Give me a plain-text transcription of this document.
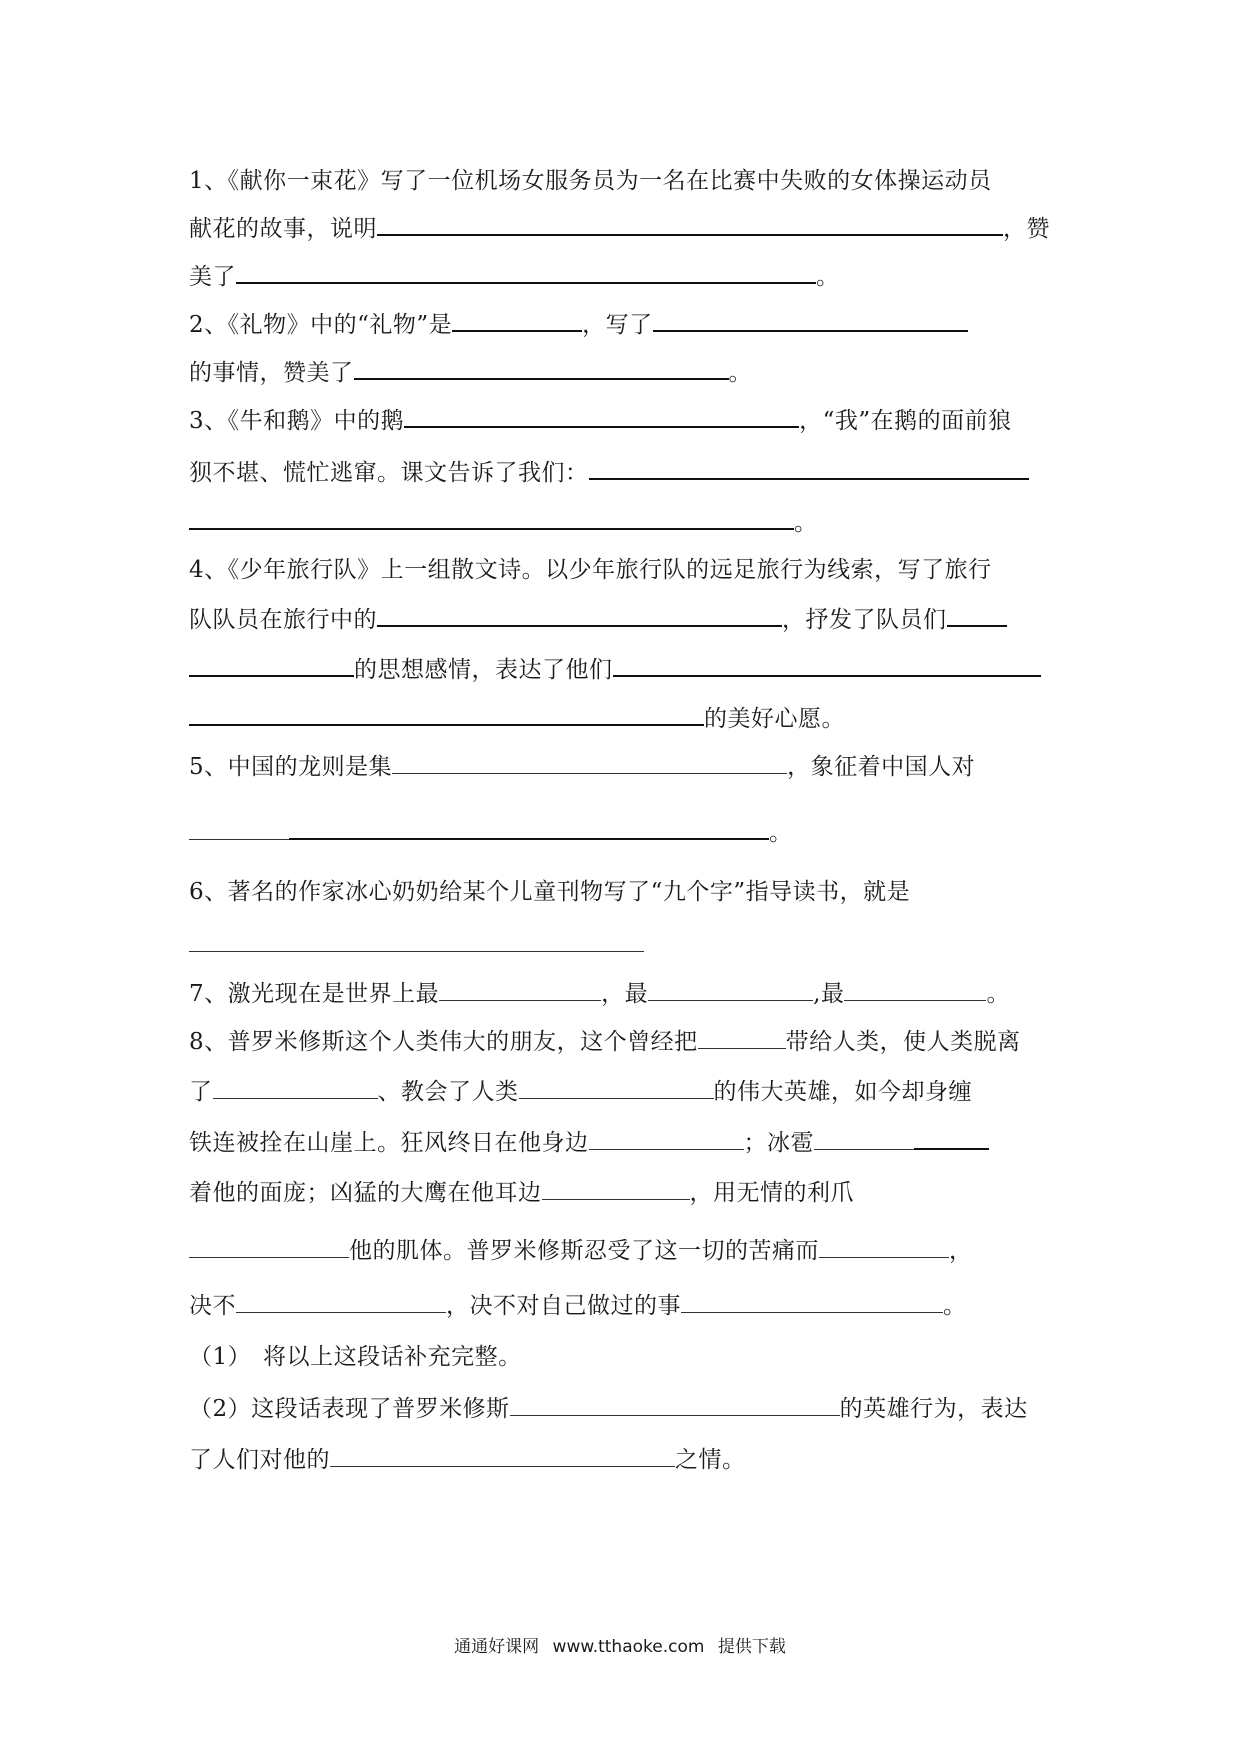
1、《献你一束花》写了一位机场女服务员为一名在比赛中失败的女体操运动员
献花的故事，说明	，赞
美了	。
2、《礼物》中的“礼物”是	，写了
的事情，赞美了	。
3、《牛和鹅》中的鹅	，“我”在鹅的面前狼
狈不堪、慌忙逃窜。课文告诉了我们：
。
4、《少年旅行队》上一组散文诗。以少年旅行队的远足旅行为线索，写了旅行
队队员在旅行中的	，抒发了队员们
的思想感情，表达了他们
的美好心愿。
5、中国的龙则是集	，象征着中国人对
。
6、著名的作家冰心奶奶给某个儿童刊物写了“九个字”指导读书，就是
7、激光现在是世界上最	，最	,最	。
8、普罗米修斯这个人类伟大的朋友，这个曾经把	带给人类，使人类脱离
了	、教会了人类	的伟大英雄，如今却身缠
铁连被拴在山崖上。狂风终日在他身边	；冰雹
着他的面庞；凶猛的大鹰在他耳边	，用无情的利爪
他的肌体。普罗米修斯忍受了这一切的苦痛而	，
决不	，决不对自己做过的事	。
（1）　将以上这段话补充完整。
（2）这段话表现了普罗米修斯	的英雄行为，表达
了人们对他的	之情。
通通好课网 www.tthaoke.com 提供下载
